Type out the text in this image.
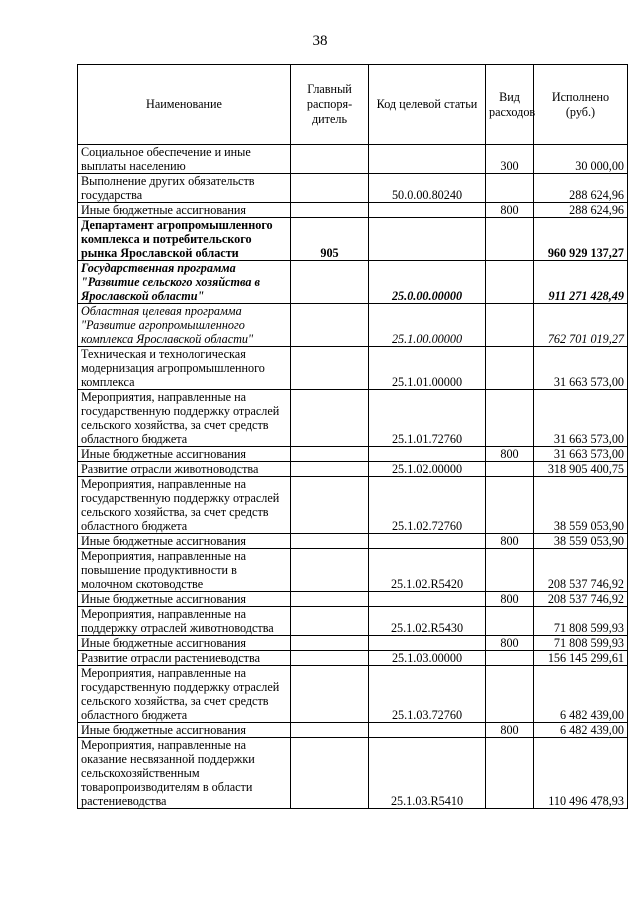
38
Наименование	Главный распоря-дитель	Код целевой статьи	Вид расходов	Исполнено (руб.)
Социальное обеспечение и иные выплаты населению			300	30 000,00
Выполнение других обязательств государства		50.0.00.80240		288 624,96
Иные бюджетные ассигнования			800	288 624,96
Департамент агропромышленного комплекса и потребительского рынка Ярославской области	905			960 929 137,27
Государственная программа "Развитие сельского хозяйства в Ярославской области"		25.0.00.00000		911 271 428,49
Областная целевая программа "Развитие агропромышленного комплекса Ярославской области"		25.1.00.00000		762 701 019,27
Техническая и технологическая модернизация агропромышленного комплекса		25.1.01.00000		31 663 573,00
Мероприятия, направленные на государственную поддержку отраслей сельского хозяйства, за счет средств областного бюджета		25.1.01.72760		31 663 573,00
Иные бюджетные ассигнования			800	31 663 573,00
Развитие отрасли животноводства		25.1.02.00000		318 905 400,75
Мероприятия, направленные на государственную поддержку отраслей сельского хозяйства, за счет средств областного бюджета		25.1.02.72760		38 559 053,90
Иные бюджетные ассигнования			800	38 559 053,90
Мероприятия, направленные на повышение продуктивности в молочном скотоводстве		25.1.02.R5420		208 537 746,92
Иные бюджетные ассигнования			800	208 537 746,92
Мероприятия, направленные на поддержку отраслей животноводства		25.1.02.R5430		71 808 599,93
Иные бюджетные ассигнования			800	71 808 599,93
Развитие отрасли растениеводства		25.1.03.00000		156 145 299,61
Мероприятия, направленные на государственную поддержку отраслей сельского хозяйства, за счет средств областного бюджета		25.1.03.72760		6 482 439,00
Иные бюджетные ассигнования			800	6 482 439,00
Мероприятия, направленные на оказание несвязанной поддержки сельскохозяйственным товаропроизводителям в области растениеводства		25.1.03.R5410		110 496 478,93
